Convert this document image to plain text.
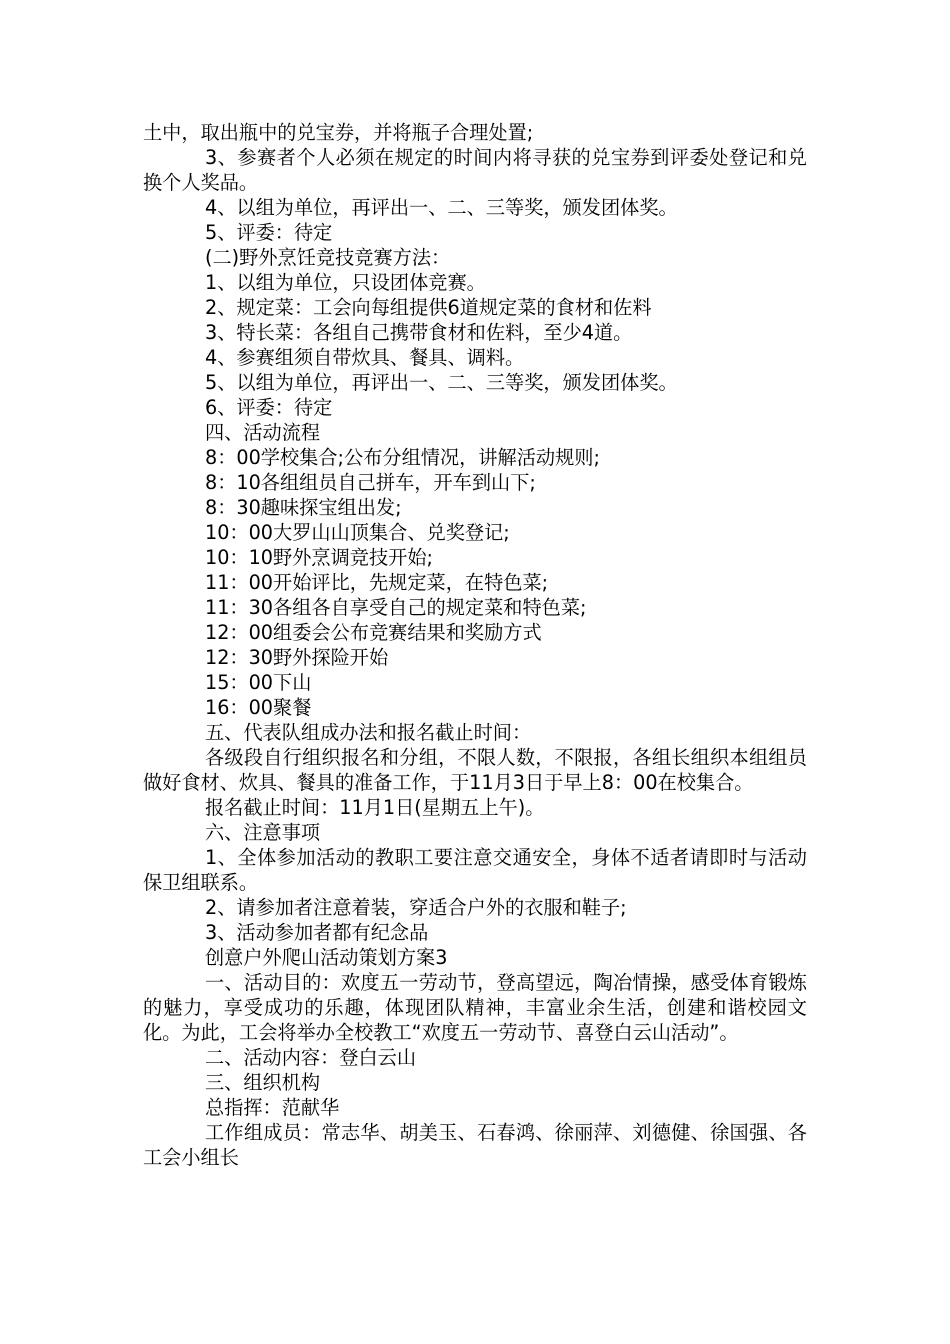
土中，取出瓶中的兑宝券，并将瓶子合理处置;

3、参赛者个人必须在规定的时间内将寻获的兑宝券到评委处登记和兑换个人奖品。

4、以组为单位，再评出一、二、三等奖，颁发团体奖。

5、评委：待定

(二)野外烹饪竞技竞赛方法：

1、以组为单位，只设团体竞赛。

2、规定菜：工会向每组提供6道规定菜的食材和佐料

3、特长菜：各组自己携带食材和佐料，至少4道。

4、参赛组须自带炊具、餐具、调料。

5、以组为单位，再评出一、二、三等奖，颁发团体奖。

6、评委：待定

四、活动流程

8：00学校集合;公布分组情况，讲解活动规则;

8：10各组组员自己拼车，开车到山下;

8：30趣味探宝组出发;

10：00大罗山山顶集合、兑奖登记;

10：10野外烹调竞技开始;

11：00开始评比，先规定菜，在特色菜;

11：30各组各自享受自己的规定菜和特色菜;

12：00组委会公布竞赛结果和奖励方式

12：30野外探险开始

15：00下山

16：00聚餐

五、代表队组成办法和报名截止时间：

各级段自行组织报名和分组，不限人数，不限报，各组长组织本组组员做好食材、炊具、餐具的准备工作，于11月3日于早上8：00在校集合。

报名截止时间：11月1日(星期五上午)。

六、注意事项

1、全体参加活动的教职工要注意交通安全，身体不适者请即时与活动保卫组联系。

2、请参加者注意着装，穿适合户外的衣服和鞋子;

3、活动参加者都有纪念品

创意户外爬山活动策划方案3

一、活动目的：欢度五一劳动节，登高望远，陶冶情操，感受体育锻炼的魅力，享受成功的乐趣，体现团队精神，丰富业余生活，创建和谐校园文化。为此，工会将举办全校教工“欢度五一劳动节、喜登白云山活动”。

二、活动内容：登白云山

三、组织机构

总指挥：范献华

工作组成员：常志华、胡美玉、石春鸿、徐丽萍、刘德健、徐国强、各工会小组长
